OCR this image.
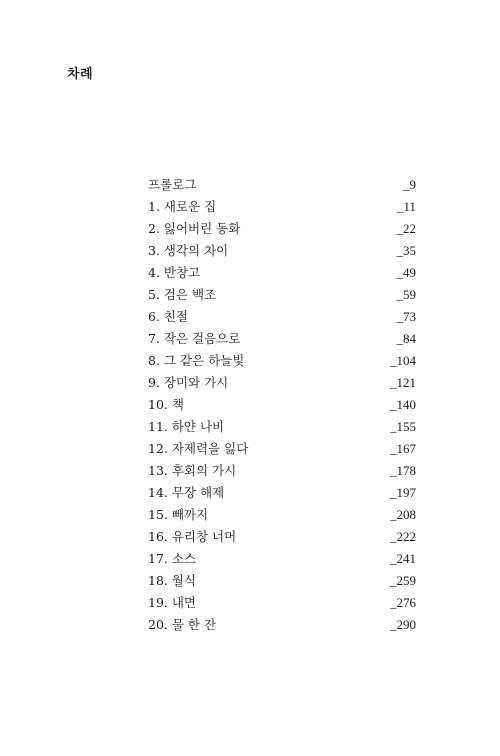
차례
프롤로그	_9
1. 새로운 집	_11
2. 잃어버린 동화	_22
3. 생각의 차이	_35
4. 반창고	_49
5. 검은 백조	_59
6. 친절	_73
7. 작은 걸음으로	_84
8. 그 같은 하늘빛	_104
9. 장미와 가시	_121
10. 책	_140
11. 하얀 나비	_155
12. 자제력을 잃다	_167
13. 후회의 가시	_178
14. 무장 해제	_197
15. 빼까지	_208
16. 유리창 너머	_222
17. 소스	_241
18. 월식	_259
19. 내면	_276
20. 물 한 잔	_290
